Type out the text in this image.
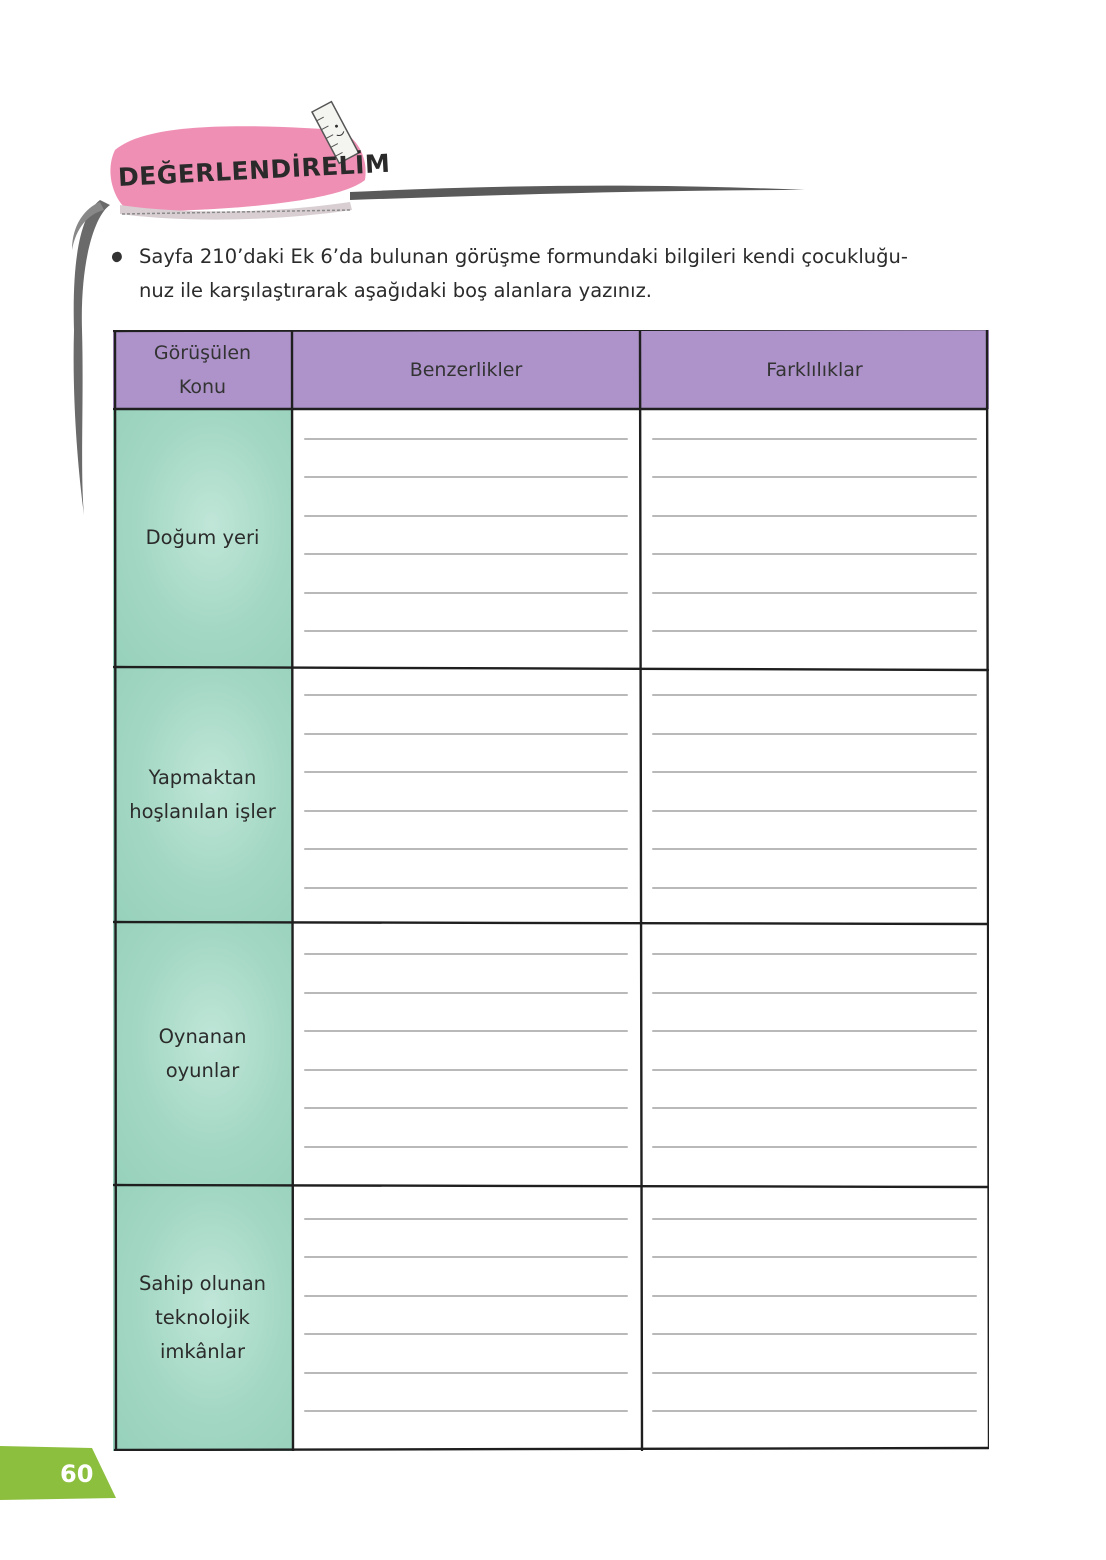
DEĞERLENDİRELİM

Sayfa 210’daki Ek 6’da bulunan görüşme formundaki bilgileri kendi çocukluğu-

nuz ile karşılaştırarak aşağıdaki boş alanlara yazınız.

Görüşülen
Konu
Benzerlikler	Farklılıklar
Doğum yeri
Yapmaktan
hoşlanılan işler
Oynanan
oyunlar
Sahip olunan
teknolojik
imkânlar
60
